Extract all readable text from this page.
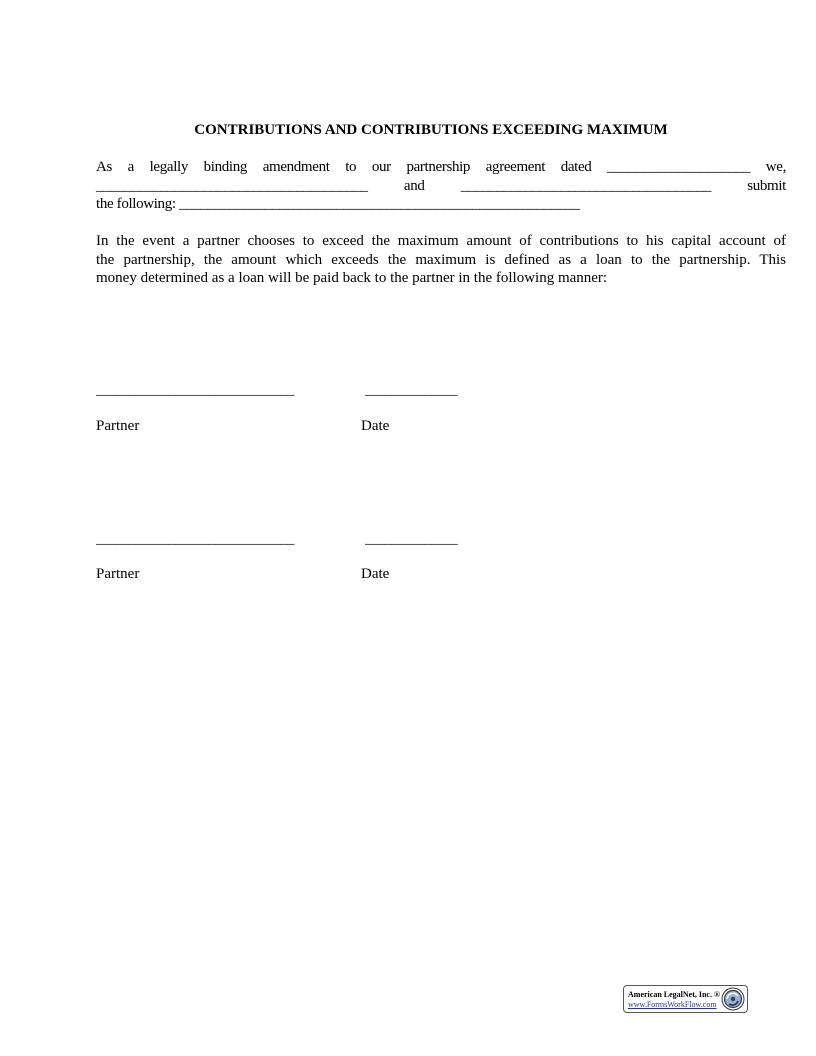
CONTRIBUTIONS AND CONTRIBUTIONS EXCEEDING MAXIMUM
As a legally binding amendment to our partnership agreement dated ____________________ we,
______________________________________ and ___________________________________ submit
the following: ________________________________________________________
In the event a partner chooses to exceed the maximum amount of contributions to his capital account of
the partnership, the amount which exceeds the maximum is defined as a loan to the partnership. This
money determined as a loan will be paid back to the partner in the following manner:
______________________________	______________
Partner	Date
______________________________	______________
Partner	Date
American LegalNet, Inc. ®
www.FormsWorkFlow.com
